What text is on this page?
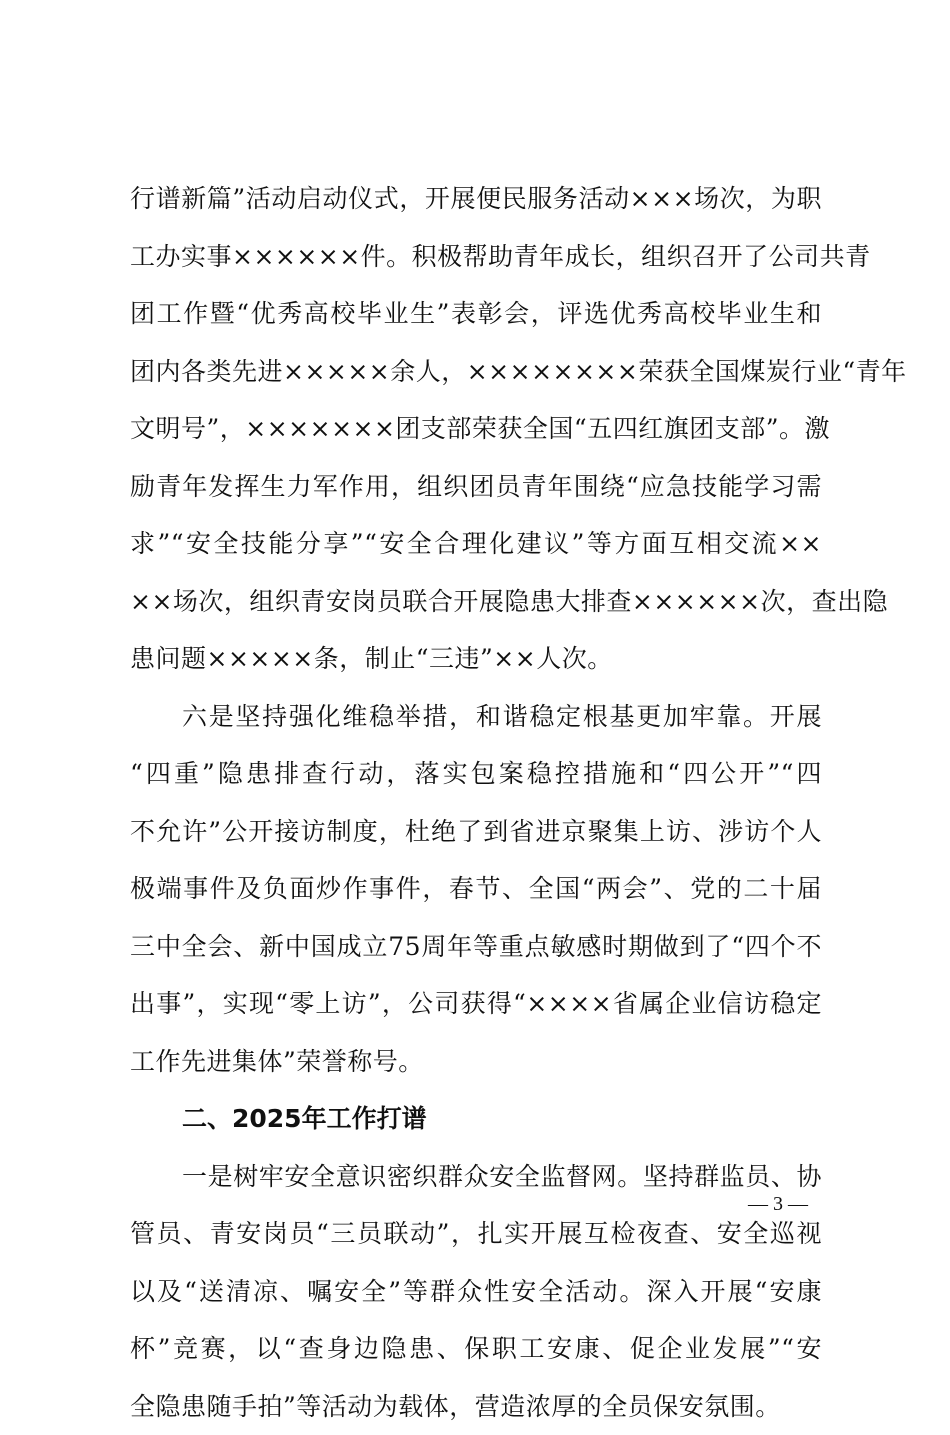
行谱新篇”活动启动仪式，开展便民服务活动×××场次，为职
工办实事××××××件。积极帮助青年成长，组织召开了公司共青
团工作暨“优秀高校毕业生”表彰会，评选优秀高校毕业生和
团内各类先进×××××余人，××××××××荣获全国煤炭行业“青年
文明号”，×××××××团支部荣获全国“五四红旗团支部”。激
励青年发挥生力军作用，组织团员青年围绕“应急技能学习需
求”“安全技能分享”“安全合理化建议”等方面互相交流××
××场次，组织青安岗员联合开展隐患大排查××××××次，查出隐
患问题×××××条，制止“三违”××人次。
六是坚持强化维稳举措，和谐稳定根基更加牢靠。开展
“四重”隐患排查行动，落实包案稳控措施和“四公开”“四
不允许”公开接访制度，杜绝了到省进京聚集上访、涉访个人
极端事件及负面炒作事件，春节、全国“两会”、党的二十届
三中全会、新中国成立75周年等重点敏感时期做到了“四个不
出事”，实现“零上访”，公司获得“××××省属企业信访稳定
工作先进集体”荣誉称号。
二、2025年工作打谱
一是树牢安全意识密织群众安全监督网。坚持群监员、协
管员、青安岗员“三员联动”，扎实开展互检夜查、安全巡视
以及“送清凉、嘱安全”等群众性安全活动。深入开展“安康
杯”竞赛，以“查身边隐患、保职工安康、促企业发展”“安
全隐患随手拍”等活动为载体，营造浓厚的全员保安氛围。
— 3 —
